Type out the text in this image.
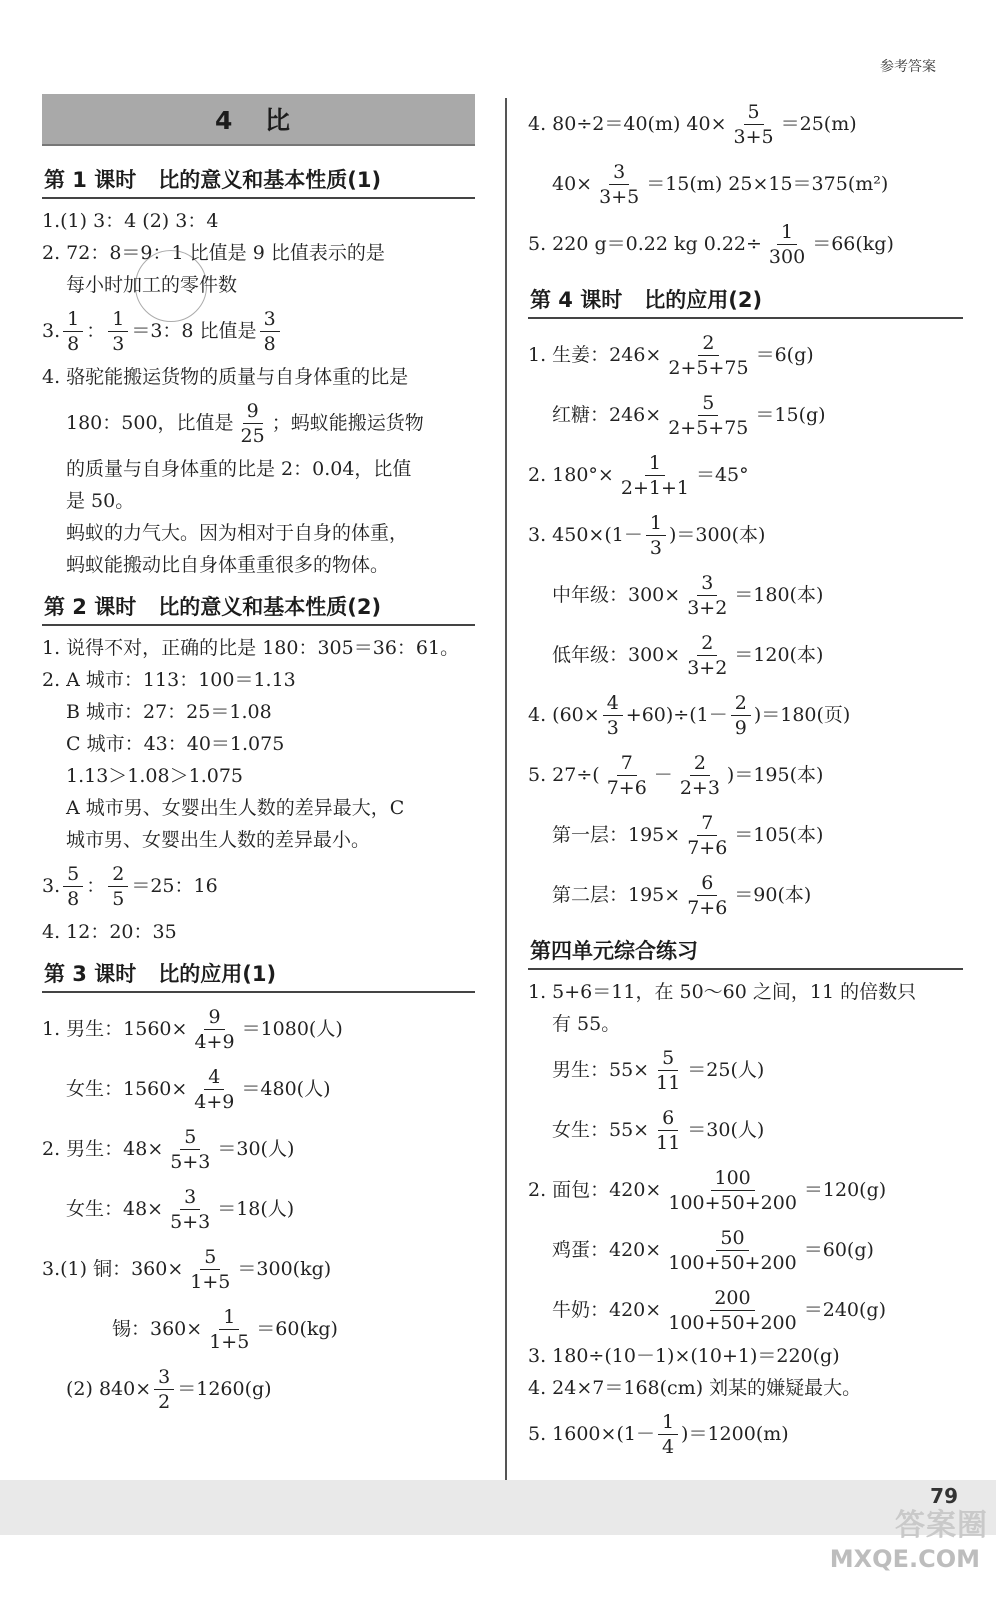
参考答案
4 比
第 1 课时 比的意义和基本性质(1)
1.(1) 3：4 (2) 3：4
2. 72：8＝9：1 比值是 9 比值表示的是
每小时加工的零件数
3. $\frac{1}{8}$ ： $\frac{1}{3} =3$：8 比值是 $\frac{3}{8}$
4. 骆驼能搬运货物的质量与自身体重的比是
180：500，比值是 $\frac{9}{25}$ ；蚂蚁能搬运货物
的质量与自身体重的比是 2：0.04，比值
是 50。
蚂蚁的力气大。因为相对于自身的体重，
蚂蚁能搬动比自身体重重很多的物体。
第 2 课时 比的意义和基本性质(2)
1. 说得不对，正确的比是 180：305＝36：61。
2. A 城市：113：100＝1.13
B 城市：27：25＝1.08
C 城市：43：40＝1.075
1.13＞1.08＞1.075
A 城市男、女婴出生人数的差异最大，C
城市男、女婴出生人数的差异最小。
3. $\frac{5}{8}$ ： $\frac{2}{5} =25$：16
4. 12：20：35
第 3 课时 比的应用(1)
1. 男生：$1560\times \frac{9}{4+9} =1080$(人)
女生：$1560\times \frac{4}{4+9} =480$(人)
2. 男生：$48\times \frac{5}{5+3} =30$(人)
女生：$48\times \frac{3}{5+3} =18$(人)
3.(1) 铜：$360\times \frac{5}{1+5} =300(kg)$
锡：$360\times \frac{1}{1+5} =60(kg)$
(2) $840\times \frac{3}{2} =1260(g)$
4. 80÷2＝40(m) $40\times \frac{5}{3+5} =25(m)$
$40\times \frac{3}{3+5} =15(m)$ 25×15＝375(m²)
5. 220 g＝0.22 kg $0.22\div \frac{1}{300} =66(kg)$
第 4 课时 比的应用(2)
1. 生姜：$246\times \frac{2}{2+5+75} =6(g)$
红糖：$246\times \frac{5}{2+5+75} =15(g)$
2. $180^\circ\times \frac{1}{2+1+1} =45^\circ$
3. $450\times(1- \frac{1}{3} )=300$(本)
中年级：$300\times \frac{3}{3+2} =180$(本)
低年级：$300\times \frac{2}{3+2} =120$(本)
4. $(60\times \frac{4}{3} +60)\div(1- \frac{2}{9} )=180$(页)
5. $27\div( \frac{7}{7+6} - \frac{2}{2+3} )=195$(本)
第一层：$195\times \frac{7}{7+6} =105$(本)
第二层：$195\times \frac{6}{7+6} =90$(本)
第四单元综合练习
1. 5+6＝11，在 50～60 之间，11 的倍数只
有 55。
男生：$55\times \frac{5}{11} =25$(人)
女生：$55\times \frac{6}{11} =30$(人)
2. 面包：$420\times \frac{100}{100+50+200} =120(g)$
鸡蛋：$420\times \frac{50}{100+50+200} =60(g)$
牛奶：$420\times \frac{200}{100+50+200} =240(g)$
3. 180÷(10－1)×(10+1)＝220(g)
4. 24×7＝168(cm) 刘某的嫌疑最大。
5. $1600\times(1- \frac{1}{4} )=1200(m)$
79
答案圈
MXQE.COM
